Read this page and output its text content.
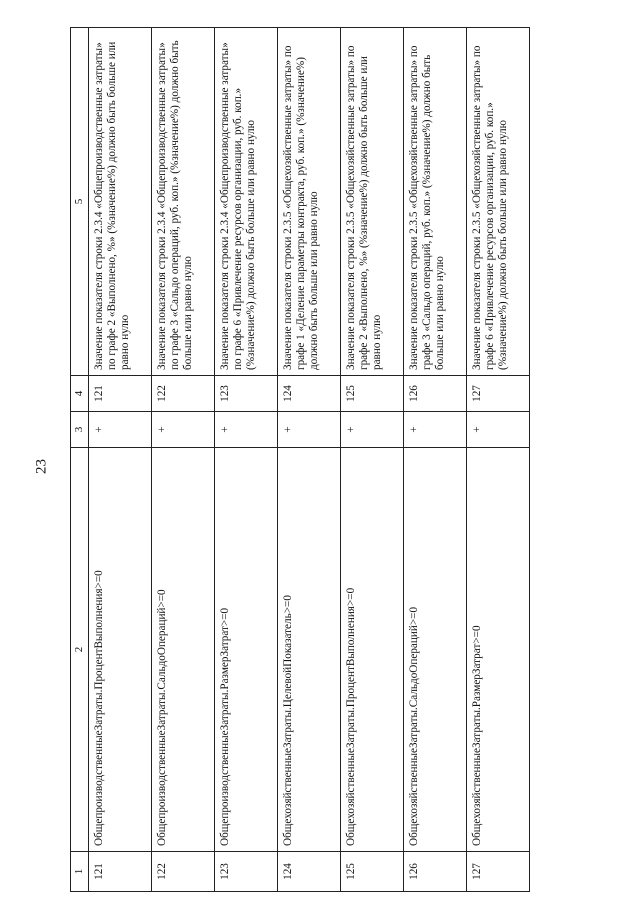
23
1	2	3	4	5
121	ОбщепроизводственныеЗатраты.ПроцентВыполнения>=0	+	121	Значение показателя строки 2.3.4 «Общепроизводственные затраты» по графе 2 «Выполнено, %» (%значение%) должно быть больше или равно нулю
122	ОбщепроизводственныеЗатраты.СальдоОпераций>=0	+	122	Значение показателя строки 2.3.4 «Общепроизводственные затраты» по графе 3 «Сальдо операций, руб. коп.» (%значение%) должно быть больше или равно нулю
123	ОбщепроизводственныеЗатраты.РазмерЗатрат>=0	+	123	Значение показателя строки 2.3.4 «Общепроизводственные затраты» по графе 6 «Привлечение ресурсов организации, руб. коп.» (%значение%) должно быть больше или равно нулю
124	ОбщехозяйственныеЗатраты.ЦелевойПоказатель>=0	+	124	Значение показателя строки 2.3.5 «Общехозяйственные затраты» по графе 1 «Деление параметры контракта, руб. коп.» (%значение%) должно быть больше или равно нулю
125	ОбщехозяйственныеЗатраты.ПроцентВыполнения>=0	+	125	Значение показателя строки 2.3.5 «Общехозяйственные затраты» по графе 2 «Выполнено, %» (%значение%) должно быть больше или равно нулю
126	ОбщехозяйственныеЗатраты.СальдоОпераций>=0	+	126	Значение показателя строки 2.3.5 «Общехозяйственные затраты» по графе 3 «Сальдо операций, руб. коп.» (%значение%) должно быть больше или равно нулю
127	ОбщехозяйственныеЗатраты.РазмерЗатрат>=0	+	127	Значение показателя строки 2.3.5 «Общехозяйственные затраты» по графе 6 «Привлечение ресурсов организации, руб. коп.» (%значение%) должно быть больше или равно нулю
